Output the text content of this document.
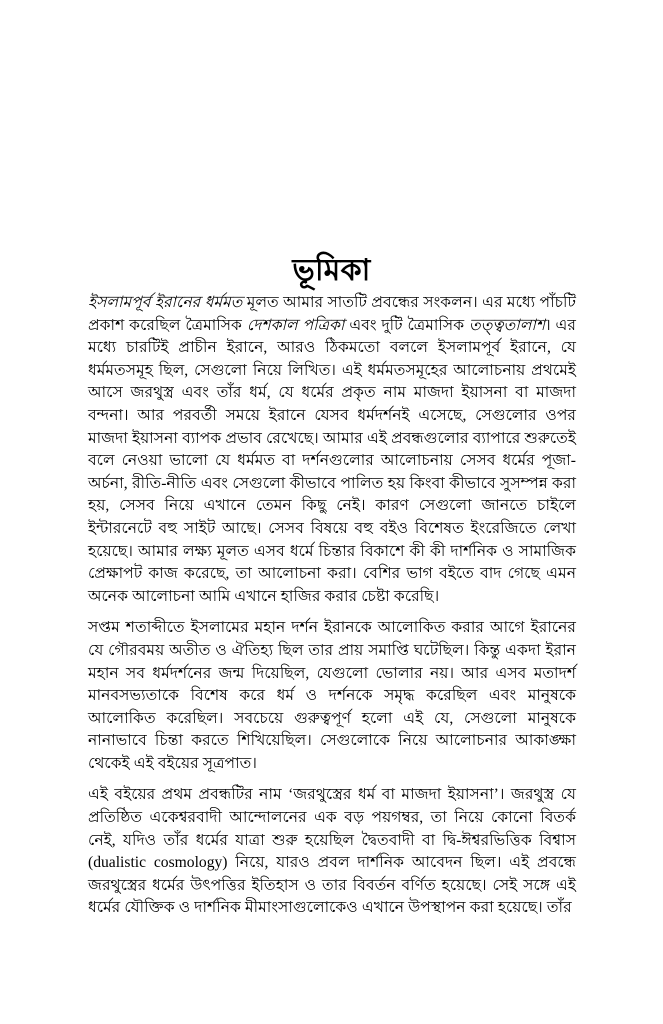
ভূমিকা

ইসলামপূর্ব ইরানের ধর্মমত মূলত আমার সাতটি প্রবন্ধের সংকলন। এর মধ্যে পাঁচটি প্রকাশ করেছিল ত্রৈমাসিক দেশকাল পত্রিকা এবং দুটি ত্রৈমাসিক তত্ত্বতালাশ। এর মধ্যে চারটিই প্রাচীন ইরানে, আরও ঠিকমতো বললে ইসলামপূর্ব ইরানে, যে ধর্মমতসমূহ ছিল, সেগুলো নিয়ে লিখিত। এই ধর্মমতসমূহের আলোচনায় প্রথমেই আসে জরথুস্ত্র এবং তাঁর ধর্ম, যে ধর্মের প্রকৃত নাম মাজদা ইয়াসনা বা মাজদা বন্দনা। আর পরবর্তী সময়ে ইরানে যেসব ধর্মদর্শনই এসেছে, সেগুলোর ওপর মাজদা ইয়াসনা ব্যাপক প্রভাব রেখেছে। আমার এই প্রবন্ধগুলোর ব্যাপারে শুরুতেই বলে নেওয়া ভালো যে ধর্মমত বা দর্শনগুলোর আলোচনায় সেসব ধর্মের পূজা-অর্চনা, রীতি-নীতি এবং সেগুলো কীভাবে পালিত হয় কিংবা কীভাবে সুসম্পন্ন করা হয়, সেসব নিয়ে এখানে তেমন কিছু নেই। কারণ সেগুলো জানতে চাইলে ইন্টারনেটে বহু সাইট আছে। সেসব বিষয়ে বহু বইও বিশেষত ইংরেজিতে লেখা হয়েছে। আমার লক্ষ্য মূলত এসব ধর্মে চিন্তার বিকাশে কী কী দার্শনিক ও সামাজিক প্রেক্ষাপট কাজ করেছে, তা আলোচনা করা। বেশির ভাগ বইতে বাদ গেছে এমন অনেক আলোচনা আমি এখানে হাজির করার চেষ্টা করেছি।

সপ্তম শতাব্দীতে ইসলামের মহান দর্শন ইরানকে আলোকিত করার আগে ইরানের যে গৌরবময় অতীত ও ঐতিহ্য ছিল তার প্রায় সমাপ্তি ঘটেছিল। কিন্তু একদা ইরান মহান সব ধর্মদর্শনের জন্ম দিয়েছিল, যেগুলো ভোলার নয়। আর এসব মতাদর্শ মানবসভ্যতাকে বিশেষ করে ধর্ম ও দর্শনকে সমৃদ্ধ করেছিল এবং মানুষকে আলোকিত করেছিল। সবচেয়ে গুরুত্বপূর্ণ হলো এই যে, সেগুলো মানুষকে নানাভাবে চিন্তা করতে শিখিয়েছিল। সেগুলোকে নিয়ে আলোচনার আকাঙ্ক্ষা থেকেই এই বইয়ের সূত্রপাত।

এই বইয়ের প্রথম প্রবন্ধটির নাম ‘জরথুস্ত্রের ধর্ম বা মাজদা ইয়াসনা’। জরথুস্ত্র যে প্রতিষ্ঠিত একেশ্বরবাদী আন্দোলনের এক বড় পয়গম্বর, তা নিয়ে কোনো বিতর্ক নেই, যদিও তাঁর ধর্মের যাত্রা শুরু হয়েছিল দ্বৈতবাদী বা দ্বি-ঈশ্বরভিত্তিক বিশ্বাস (dualistic cosmology) নিয়ে, যারও প্রবল দার্শনিক আবেদন ছিল। এই প্রবন্ধে জরথুস্ত্রের ধর্মের উৎপত্তির ইতিহাস ও তার বিবর্তন বর্ণিত হয়েছে। সেই সঙ্গে এই ধর্মের যৌক্তিক ও দার্শনিক মীমাংসাগুলোকেও এখানে উপস্থাপন করা হয়েছে। তাঁর
